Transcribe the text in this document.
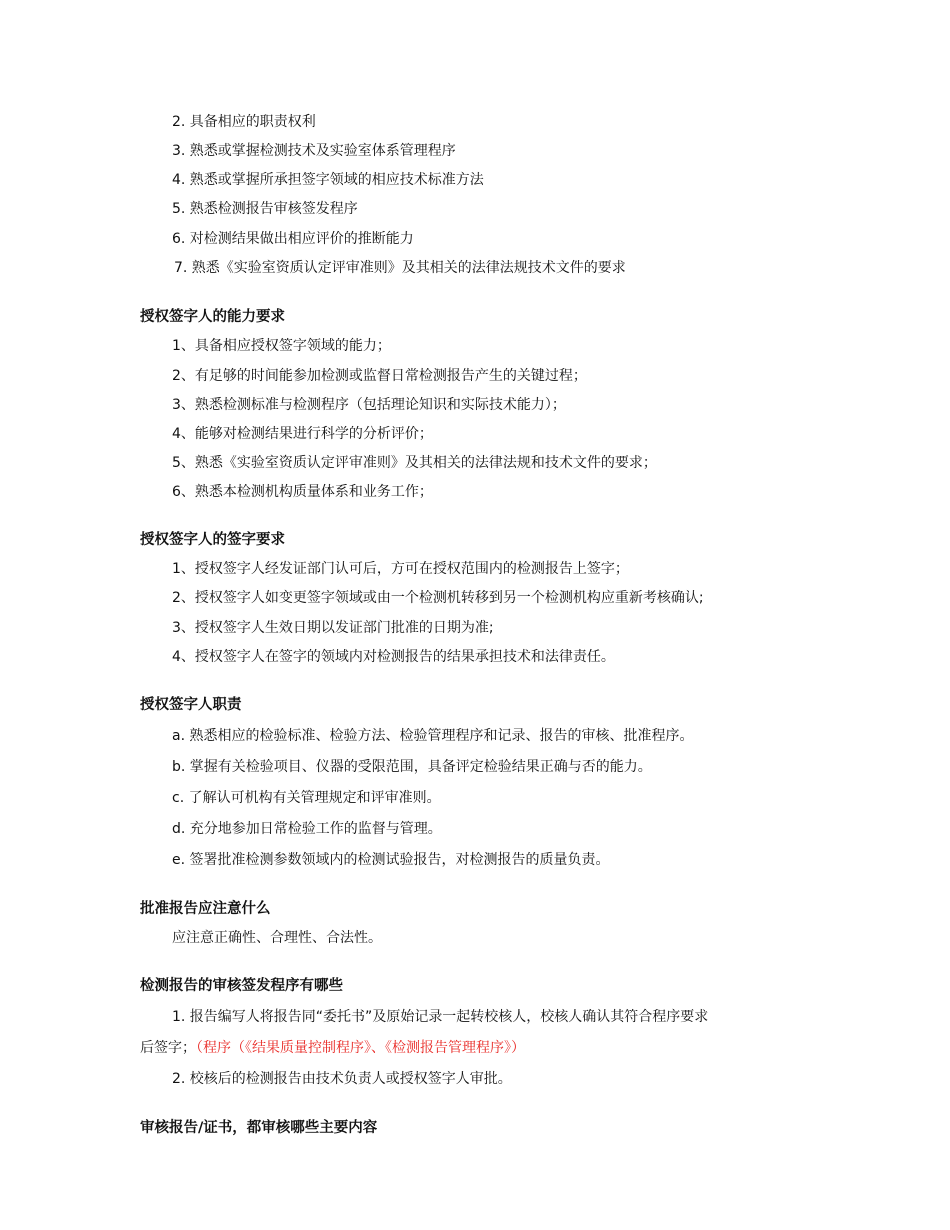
2. 具备相应的职责权利
3. 熟悉或掌握检测技术及实验室体系管理程序
4. 熟悉或掌握所承担签字领域的相应技术标准方法
5. 熟悉检测报告审核签发程序
6. 对检测结果做出相应评价的推断能力
7. 熟悉《实验室资质认定评审准则》及其相关的法律法规技术文件的要求
授权签字人的能力要求
1、具备相应授权签字领域的能力；
2、有足够的时间能参加检测或监督日常检测报告产生的关键过程；
3、熟悉检测标准与检测程序（包括理论知识和实际技术能力）；
4、能够对检测结果进行科学的分析评价；
5、熟悉《实验室资质认定评审准则》及其相关的法律法规和技术文件的要求；
6、熟悉本检测机构质量体系和业务工作；
授权签字人的签字要求
1、授权签字人经发证部门认可后，方可在授权范围内的检测报告上签字；
2、授权签字人如变更签字领域或由一个检测机转移到另一个检测机构应重新考核确认;
3、授权签字人生效日期以发证部门批准的日期为准;
4、授权签字人在签字的领域内对检测报告的结果承担技术和法律责任。
授权签字人职责
a. 熟悉相应的检验标准、检验方法、检验管理程序和记录、报告的审核、批准程序。
b. 掌握有关检验项目、仪器的受限范围，具备评定检验结果正确与否的能力。
c. 了解认可机构有关管理规定和评审准则。
d. 充分地参加日常检验工作的监督与管理。
e. 签署批准检测参数领域内的检测试验报告，对检测报告的质量负责。
批准报告应注意什么
应注意正确性、合理性、合法性。
检测报告的审核签发程序有哪些
1. 报告编写人将报告同“委托书”及原始记录一起转校核人，校核人确认其符合程序要求
后签字；（程序（《结果质量控制程序》、《检测报告管理程序》）
2. 校核后的检测报告由技术负责人或授权签字人审批。
审核报告/证书，都审核哪些主要内容
